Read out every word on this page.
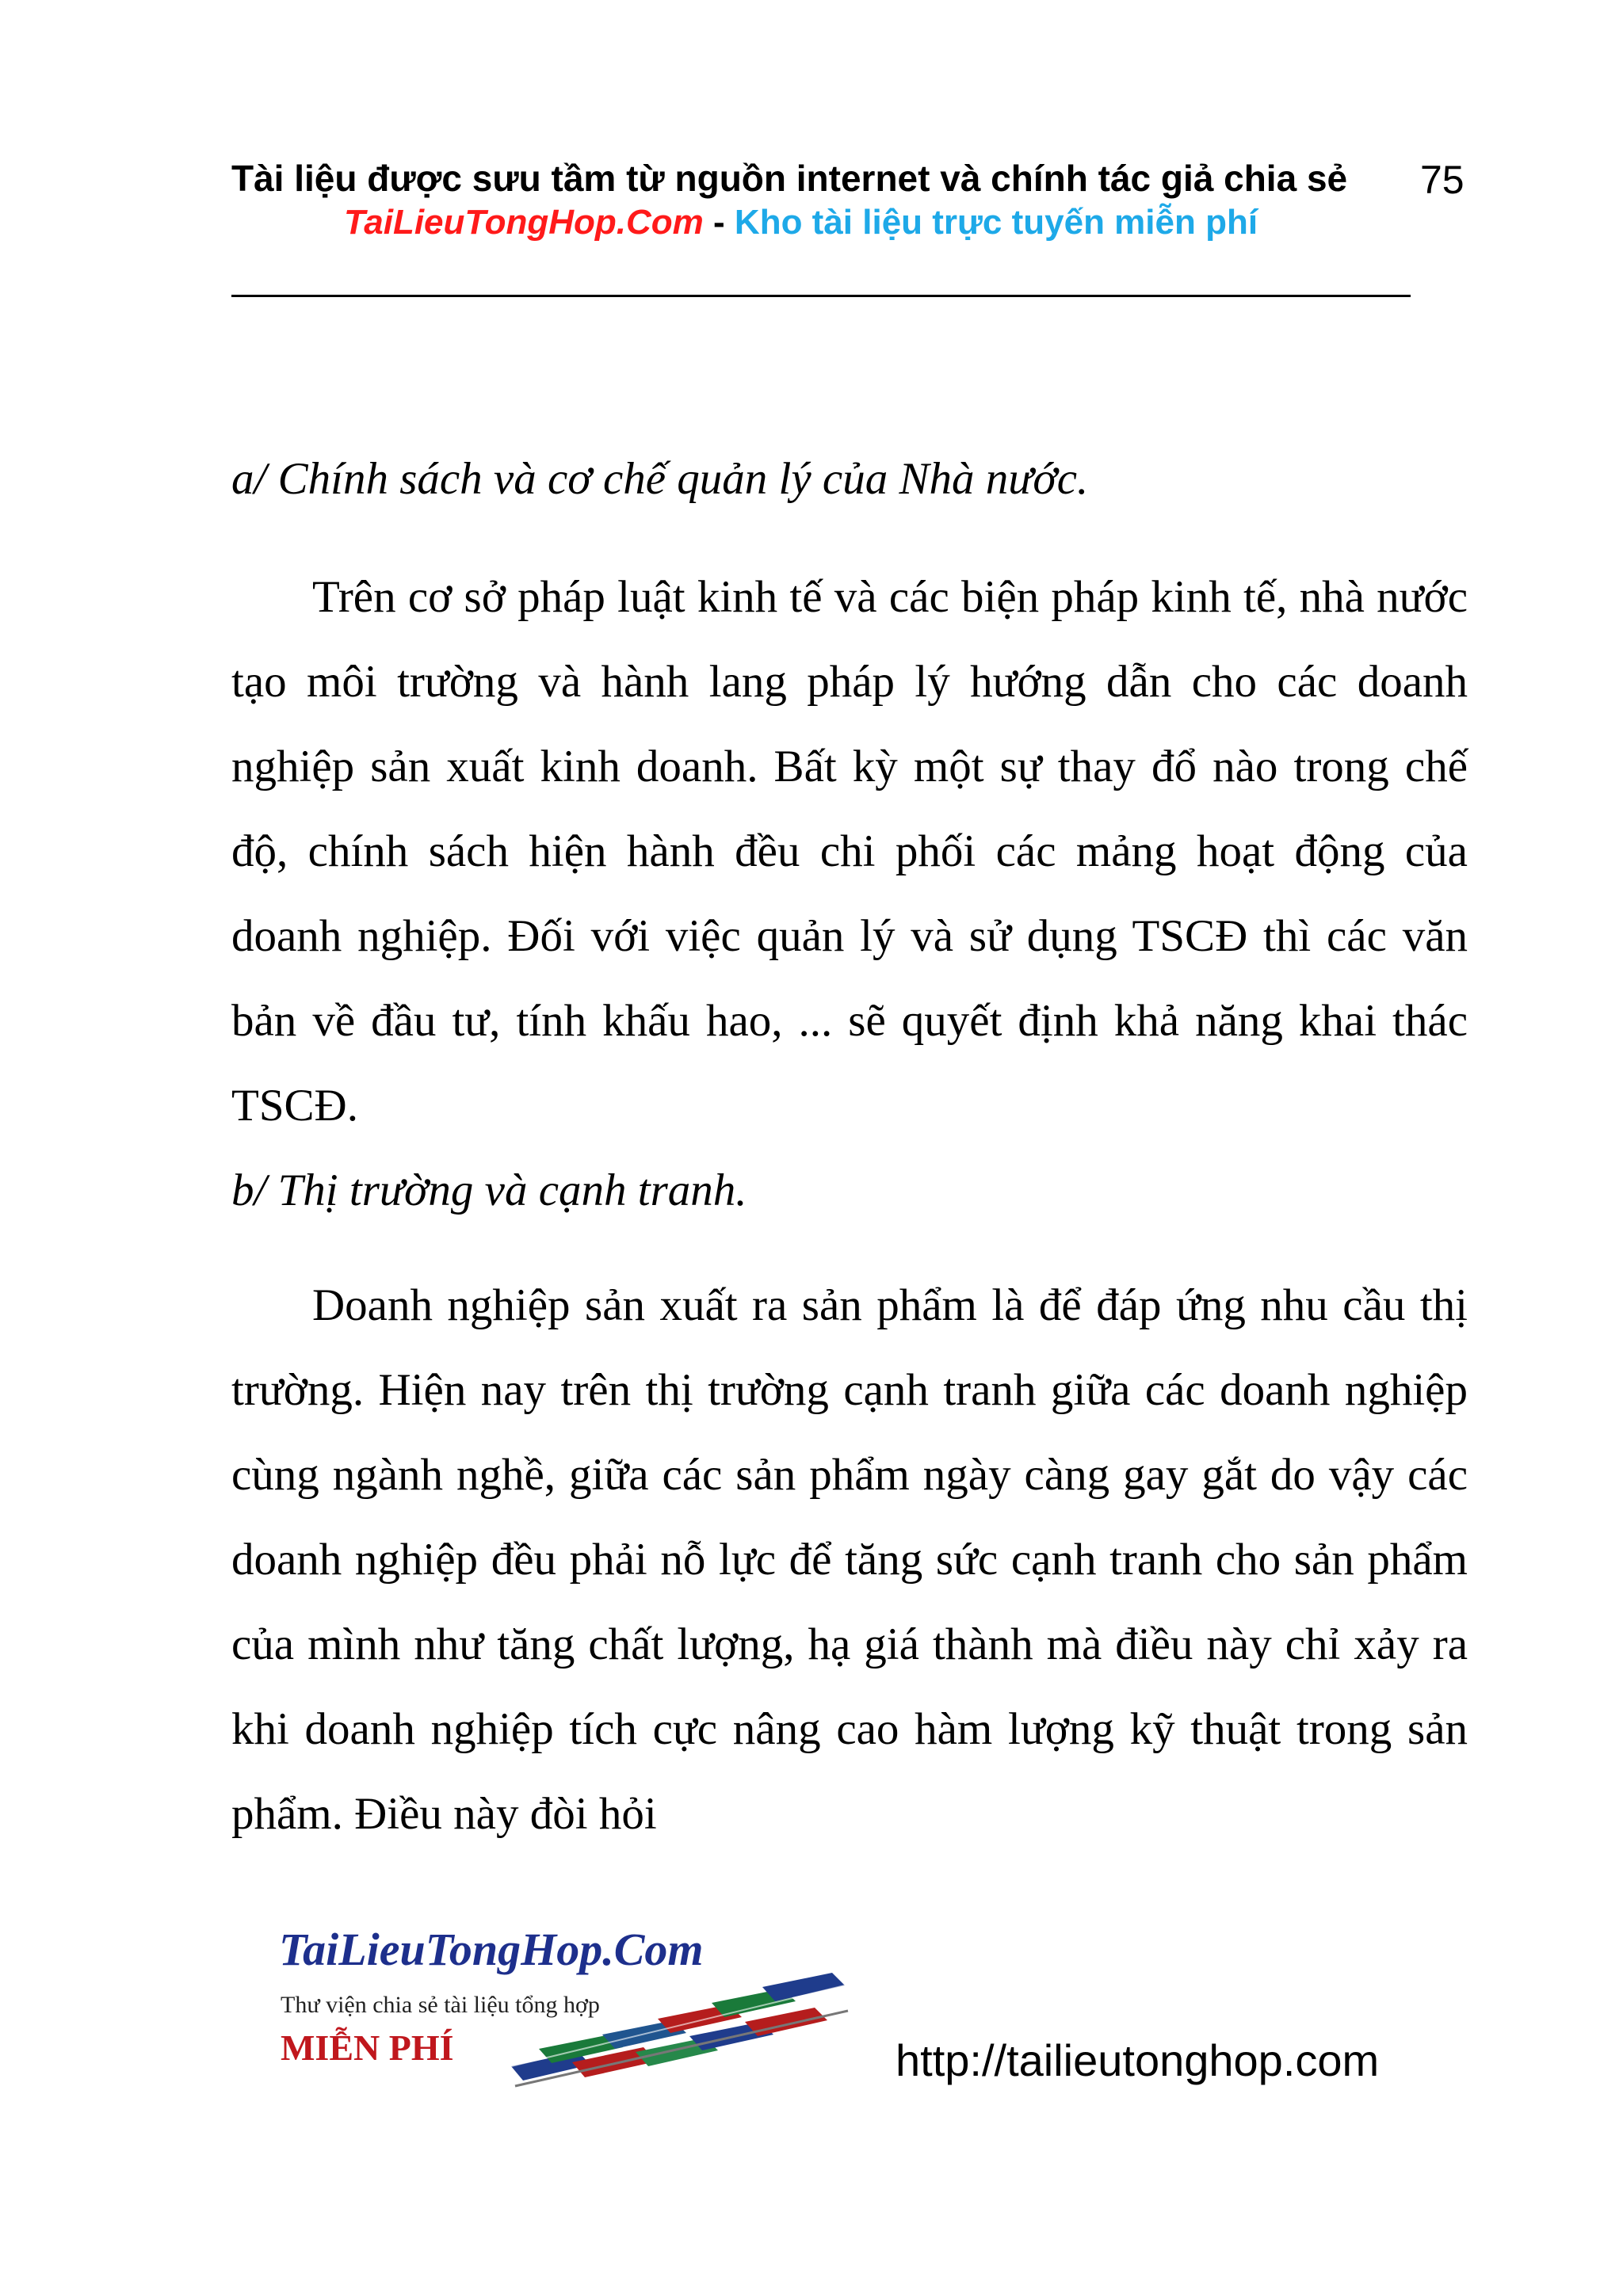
Tài liệu được sưu tầm từ nguồn internet và chính tác giả chia sẻ	75
TaiLieuTongHop.Com - Kho tài liệu trực tuyến miễn phí
a/ Chính sách và cơ chế quản lý của Nhà nước.

Trên cơ sở pháp luật kinh tế và các biện pháp kinh tế, nhà nước tạo môi trường và hành lang pháp lý hướng dẫn cho các doanh nghiệp sản xuất kinh doanh. Bất kỳ một sự thay đổ nào trong chế độ, chính sách hiện hành đều chi phối các mảng hoạt động của doanh nghiệp. Đối với việc quản lý và sử dụng TSCĐ thì các văn bản về đầu tư, tính khấu hao, ... sẽ quyết định khả năng khai thác TSCĐ.

b/ Thị trường và cạnh tranh.

Doanh nghiệp sản xuất ra sản phẩm là để đáp ứng nhu cầu thị trường. Hiện nay trên thị trường cạnh tranh giữa các doanh nghiệp cùng ngành nghề, giữa các sản phẩm ngày càng gay gắt do vậy các doanh nghiệp đều phải nỗ lực để tăng sức cạnh tranh cho sản phẩm của mình như tăng chất lượng, hạ giá thành mà điều này chỉ xảy ra khi doanh nghiệp tích cực nâng cao hàm lượng kỹ thuật trong sản phẩm. Điều này đòi hỏi

TaiLieuTongHop.Com
Thư viện chia sẻ tài liệu tổng hợp
MIỄN PHÍ	http://tailieutonghop.com
